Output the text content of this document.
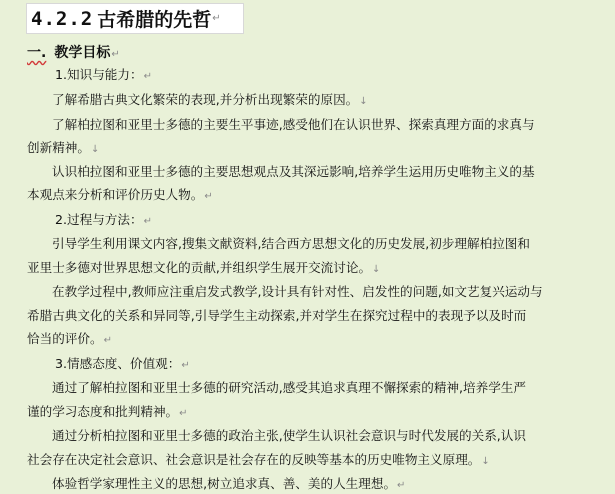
4.2.2 古希腊的先哲 ↵
一. 教学目标↵
1.知识与能力：↵
了解希腊古典文化繁荣的表现,并分析出现繁荣的原因。↓
了解柏拉图和亚里士多德的主要生平事迹,感受他们在认识世界、探索真理方面的求真与
创新精神。↓
认识柏拉图和亚里士多德的主要思想观点及其深远影响,培养学生运用历史唯物主义的基
本观点来分析和评价历史人物。↵
2.过程与方法：↵
引导学生利用课文内容,搜集文献资料,结合西方思想文化的历史发展,初步理解柏拉图和
亚里士多德对世界思想文化的贡献,并组织学生展开交流讨论。↓
在教学过程中,教师应注重启发式教学,设计具有针对性、启发性的问题,如文艺复兴运动与
希腊古典文化的关系和异同等,引导学生主动探索,并对学生在探究过程中的表现予以及时而
恰当的评价。↵
3.情感态度、价值观：↵
通过了解柏拉图和亚里士多德的研究活动,感受其追求真理不懈探索的精神,培养学生严
谨的学习态度和批判精神。↵
通过分析柏拉图和亚里士多德的政治主张,使学生认识社会意识与时代发展的关系,认识
社会存在决定社会意识、社会意识是社会存在的反映等基本的历史唯物主义原理。↓
体验哲学家理性主义的思想,树立追求真、善、美的人生理想。↵
